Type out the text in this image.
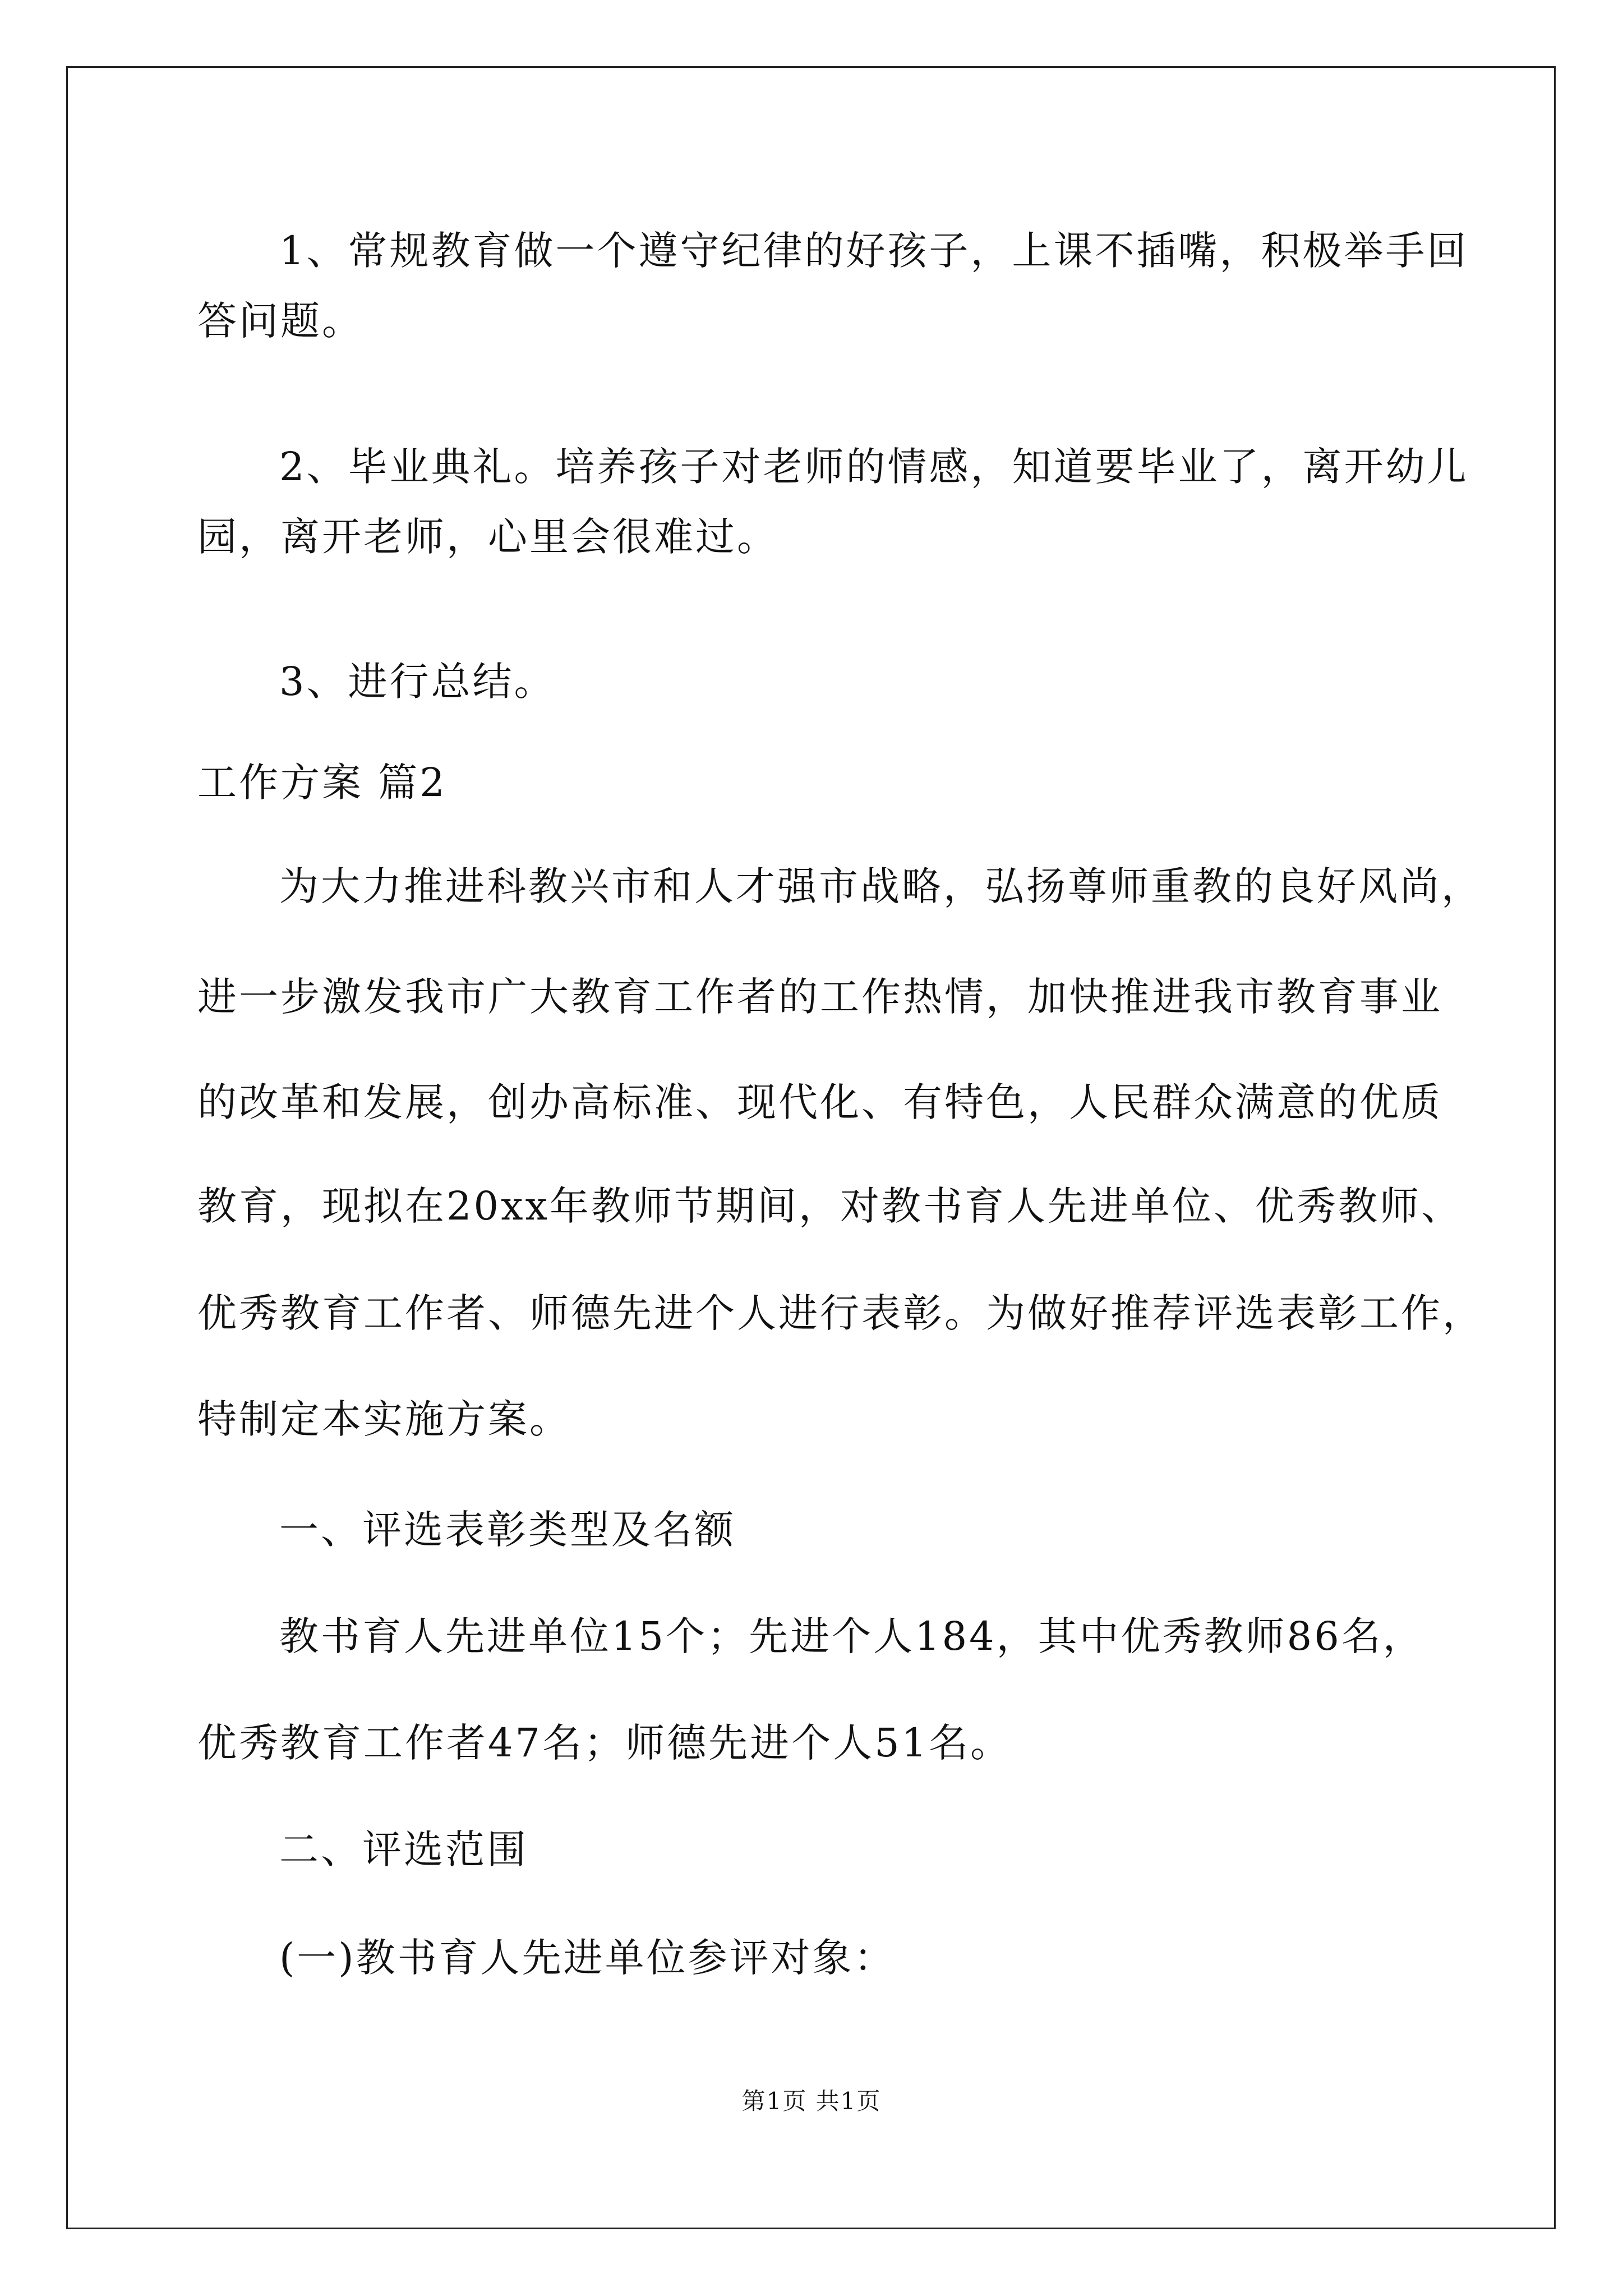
1、常规教育做一个遵守纪律的好孩子，上课不插嘴，积极举手回
答问题。
2、毕业典礼。培养孩子对老师的情感，知道要毕业了，离开幼儿
园，离开老师，心里会很难过。
3、进行总结。
工作方案 篇2
为大力推进科教兴市和人才强市战略，弘扬尊师重教的良好风尚，
进一步激发我市广大教育工作者的工作热情，加快推进我市教育事业
的改革和发展，创办高标准、现代化、有特色，人民群众满意的优质
教育，现拟在20xx年教师节期间，对教书育人先进单位、优秀教师、
优秀教育工作者、师德先进个人进行表彰。为做好推荐评选表彰工作，
特制定本实施方案。
一、评选表彰类型及名额
教书育人先进单位15个；先进个人184，其中优秀教师86名，
优秀教育工作者47名；师德先进个人51名。
二、评选范围
(一)教书育人先进单位参评对象：
第1页 共1页
